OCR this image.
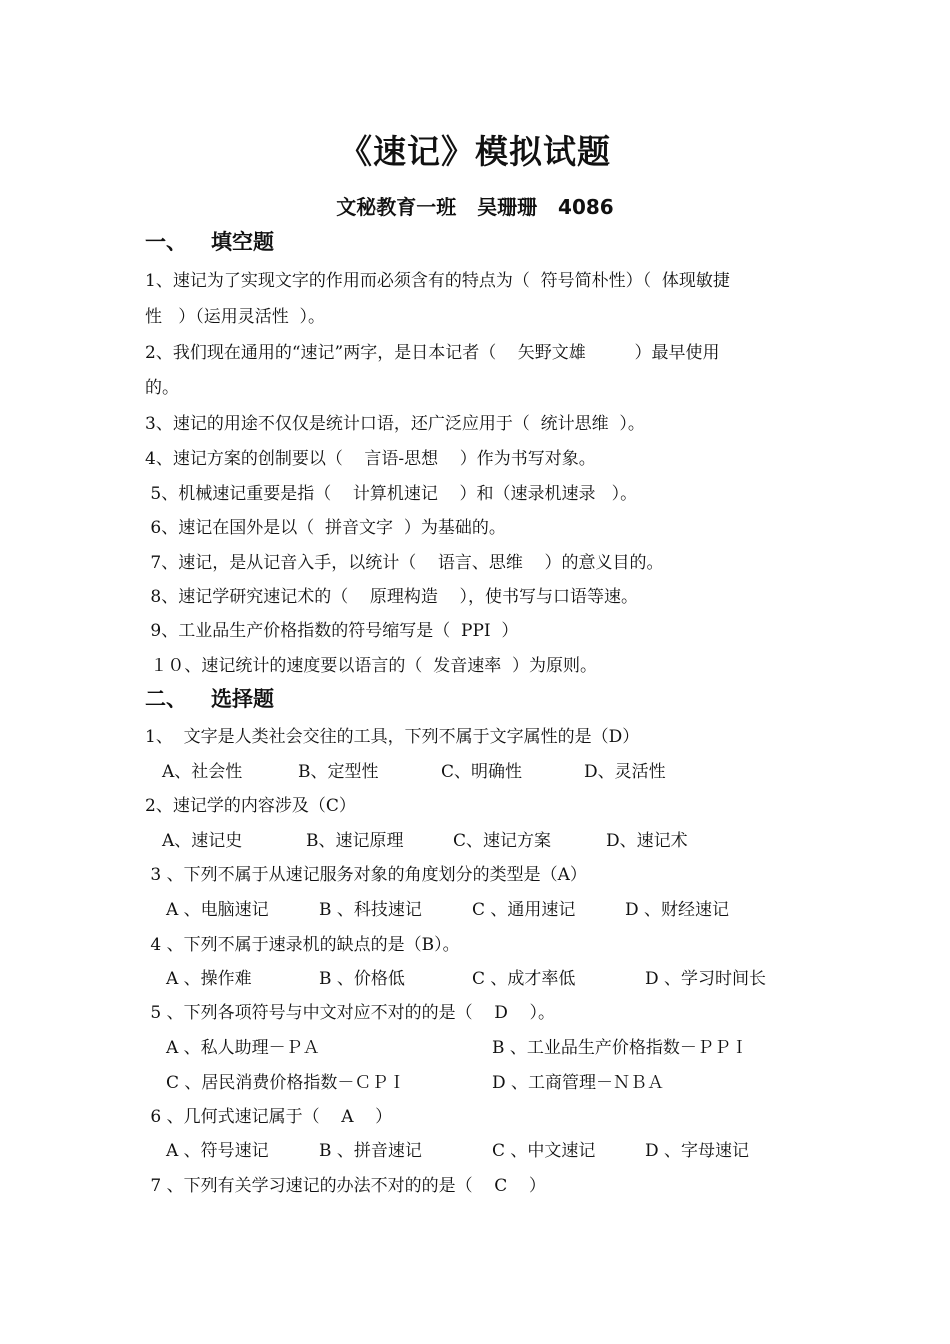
《速记》模拟试题
文秘教育一班   吴珊珊   4086
一、 填空题
1、速记为了实现文字的作用而必须含有的特点为（  符号简朴性）（  体现敏捷
性   ）（运用灵活性  ）。
2、我们现在通用的“速记”两字，是日本记者（    矢野文雄         ）最早使用
的。
3、速记的用途不仅仅是统计口语，还广泛应用于（  统计思维  ）。
4、速记方案的创制要以（    言语-思想    ）作为书写对象。
5、机械速记重要是指（    计算机速记    ）和（速录机速录   ）。
6、速记在国外是以（  拼音文字  ）为基础的。
7、速记，是从记音入手，以统计（    语言、思维    ）的意义目的。
8、速记学研究速记术的（    原理构造    ），使书写与口语等速。
9、工业品生产价格指数的符号缩写是（  PPI  ）
１０、速记统计的速度要以语言的（  发音速率  ）为原则。
二、 选择题
1、  文字是人类社会交往的工具，下列不属于文字属性的是（D）
A、社会性	B、定型性	C、明确性	D、灵活性
2、速记学的内容涉及（C）
A、速记史	B、速记原理	C、速记方案	D、速记术
3 、下列不属于从速记服务对象的角度划分的类型是（A）
A 、电脑速记	B 、科技速记	C 、通用速记	D 、财经速记
4 、下列不属于速录机的缺点的是（B）。
A 、操作难	B 、价格低	C 、成才率低	D 、学习时间长
5 、下列各项符号与中文对应不对的的是（    D    ）。
A 、私人助理－ＰＡ	B 、工业品生产价格指数－ＰＰＩ
C 、居民消费价格指数－ＣＰＩ	D 、工商管理－ＮＢＡ
6 、几何式速记属于（    A    ）
A 、符号速记	B 、拼音速记	C 、中文速记	D 、字母速记
7 、下列有关学习速记的办法不对的的是（    C    ）
